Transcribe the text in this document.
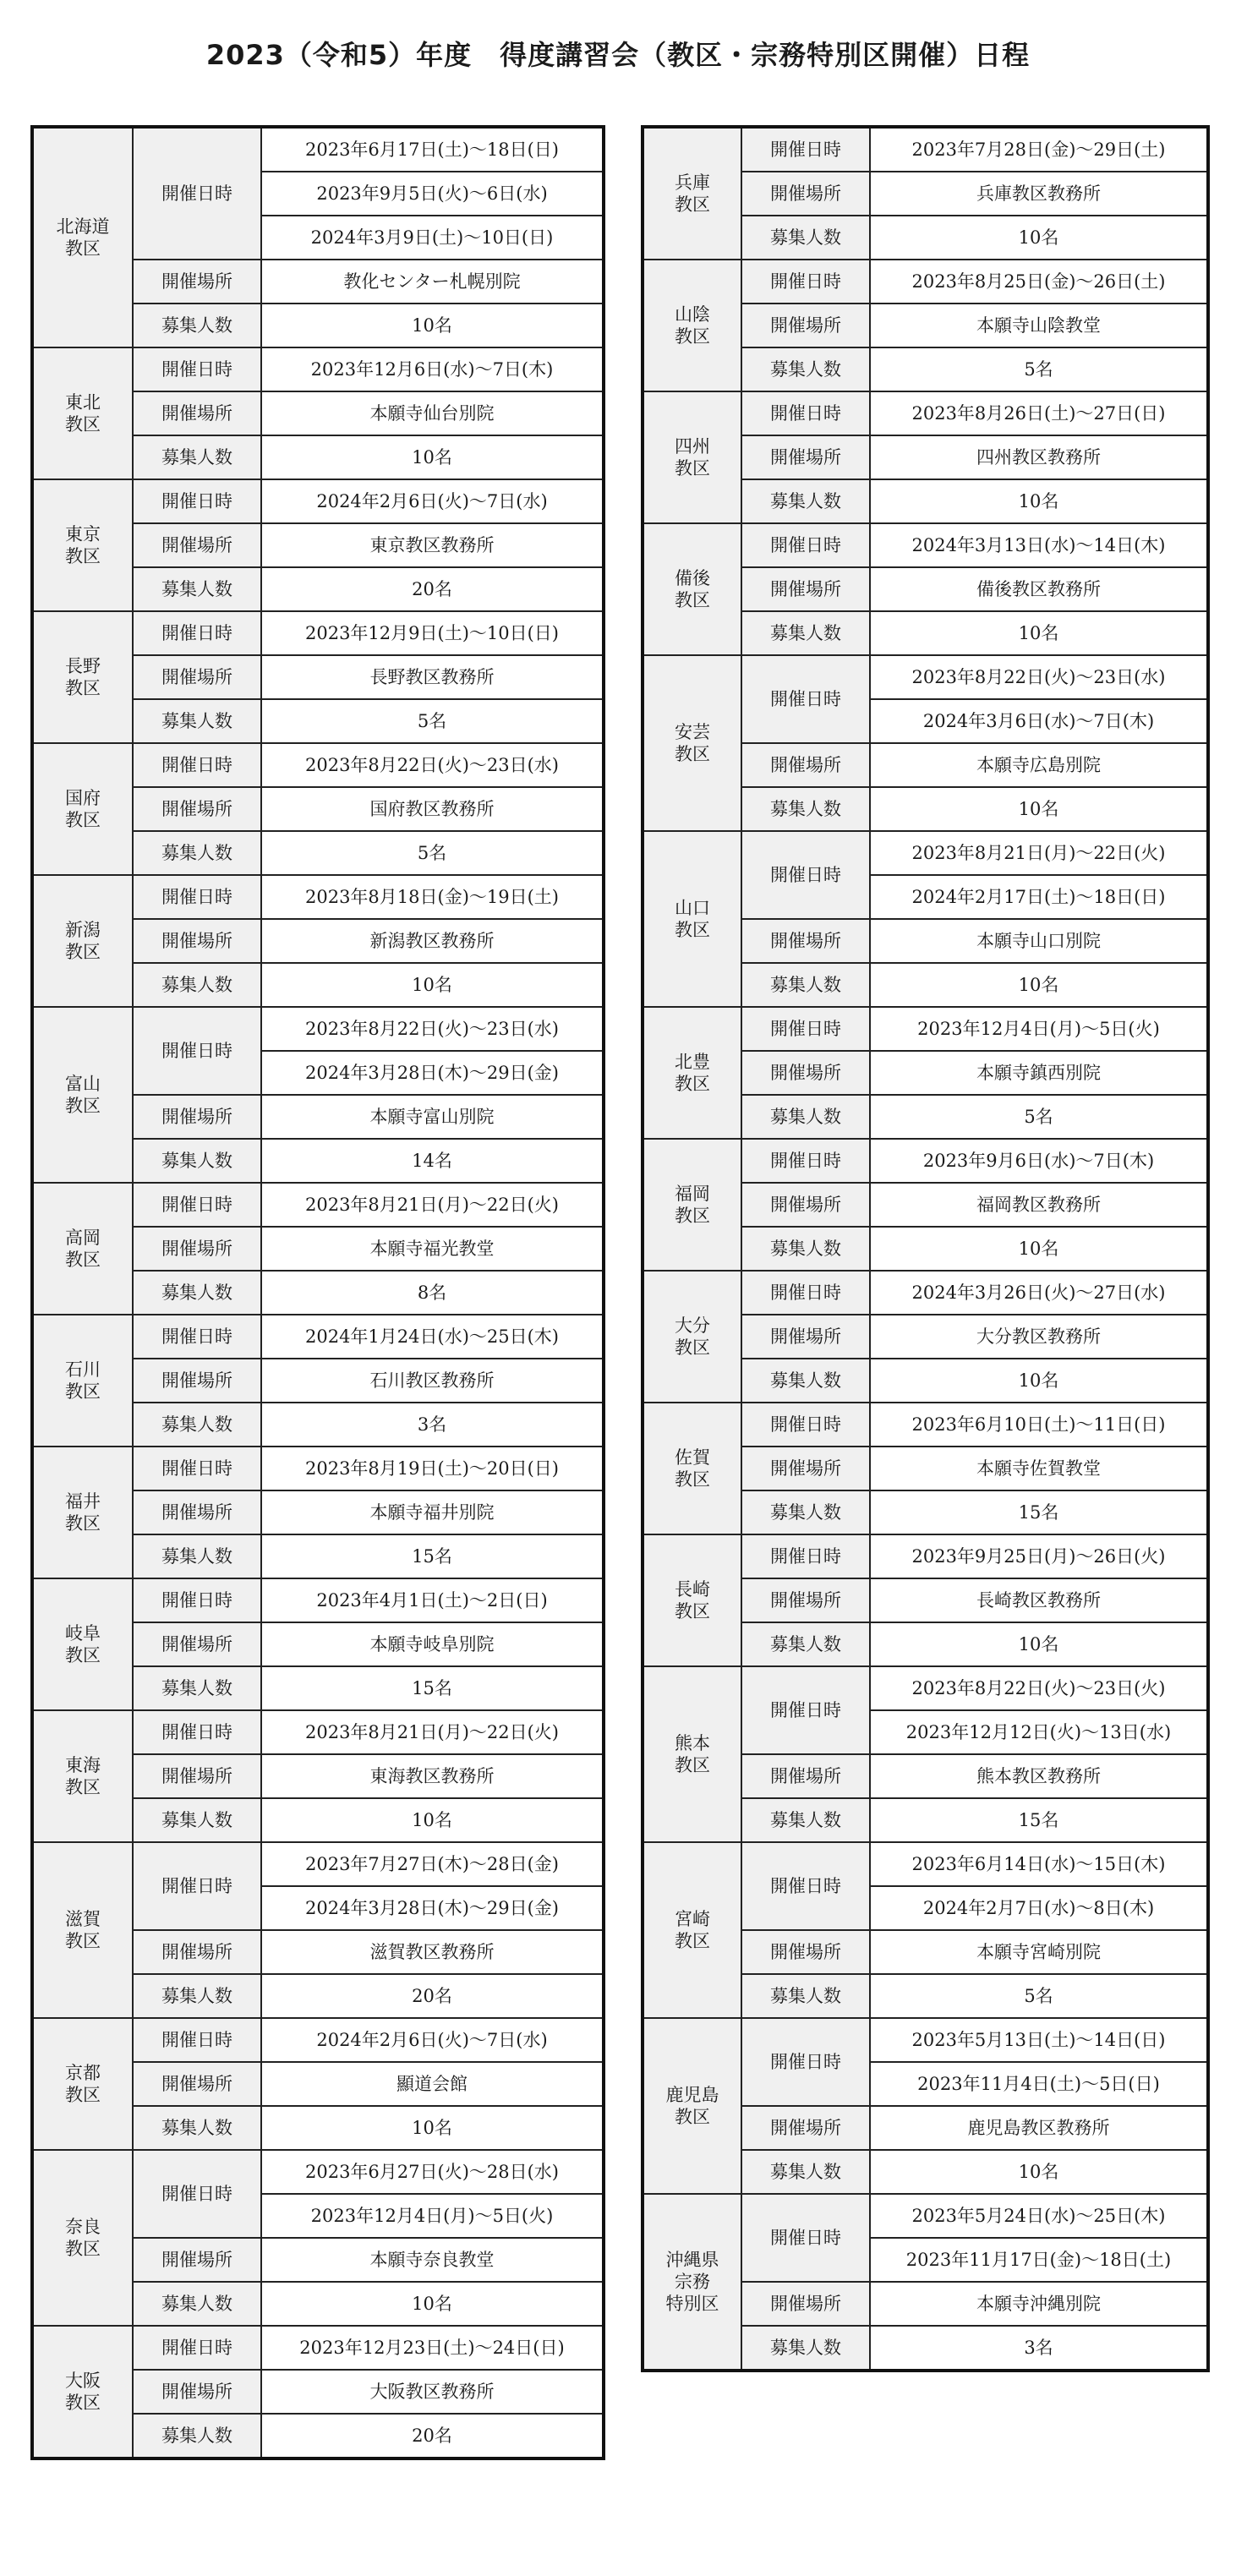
2023（令和5）年度　得度講習会（教区・宗務特別区開催）日程
北海道
教区	開催日時	2023年6月17日(土)～18日(日)
		2023年9月5日(火)～6日(水)
		2024年3月9日(土)～10日(日)
	開催場所	教化センター札幌別院
	募集人数	10名
東北
教区	開催日時	2023年12月6日(水)～7日(木)
	開催場所	本願寺仙台別院
	募集人数	10名
東京
教区	開催日時	2024年2月6日(火)～7日(水)
	開催場所	東京教区教務所
	募集人数	20名
長野
教区	開催日時	2023年12月9日(土)～10日(日)
	開催場所	長野教区教務所
	募集人数	5名
国府
教区	開催日時	2023年8月22日(火)～23日(水)
	開催場所	国府教区教務所
	募集人数	5名
新潟
教区	開催日時	2023年8月18日(金)～19日(土)
	開催場所	新潟教区教務所
	募集人数	10名
富山
教区	開催日時	2023年8月22日(火)～23日(水)
		2024年3月28日(木)～29日(金)
	開催場所	本願寺富山別院
	募集人数	14名
高岡
教区	開催日時	2023年8月21日(月)～22日(火)
	開催場所	本願寺福光教堂
	募集人数	8名
石川
教区	開催日時	2024年1月24日(水)～25日(木)
	開催場所	石川教区教務所
	募集人数	3名
福井
教区	開催日時	2023年8月19日(土)～20日(日)
	開催場所	本願寺福井別院
	募集人数	15名
岐阜
教区	開催日時	2023年4月1日(土)～2日(日)
	開催場所	本願寺岐阜別院
	募集人数	15名
東海
教区	開催日時	2023年8月21日(月)～22日(火)
	開催場所	東海教区教務所
	募集人数	10名
滋賀
教区	開催日時	2023年7月27日(木)～28日(金)
		2024年3月28日(木)～29日(金)
	開催場所	滋賀教区教務所
	募集人数	20名
京都
教区	開催日時	2024年2月6日(火)～7日(水)
	開催場所	顯道会館
	募集人数	10名
奈良
教区	開催日時	2023年6月27日(火)～28日(水)
		2023年12月4日(月)～5日(火)
	開催場所	本願寺奈良教堂
	募集人数	10名
大阪
教区	開催日時	2023年12月23日(土)～24日(日)
	開催場所	大阪教区教務所
	募集人数	20名
兵庫
教区	開催日時	2023年7月28日(金)～29日(土)
	開催場所	兵庫教区教務所
	募集人数	10名
山陰
教区	開催日時	2023年8月25日(金)～26日(土)
	開催場所	本願寺山陰教堂
	募集人数	5名
四州
教区	開催日時	2023年8月26日(土)～27日(日)
	開催場所	四州教区教務所
	募集人数	10名
備後
教区	開催日時	2024年3月13日(水)～14日(木)
	開催場所	備後教区教務所
	募集人数	10名
安芸
教区	開催日時	2023年8月22日(火)～23日(水)
		2024年3月6日(水)～7日(木)
	開催場所	本願寺広島別院
	募集人数	10名
山口
教区	開催日時	2023年8月21日(月)～22日(火)
		2024年2月17日(土)～18日(日)
	開催場所	本願寺山口別院
	募集人数	10名
北豊
教区	開催日時	2023年12月4日(月)～5日(火)
	開催場所	本願寺鎮西別院
	募集人数	5名
福岡
教区	開催日時	2023年9月6日(水)～7日(木)
	開催場所	福岡教区教務所
	募集人数	10名
大分
教区	開催日時	2024年3月26日(火)～27日(水)
	開催場所	大分教区教務所
	募集人数	10名
佐賀
教区	開催日時	2023年6月10日(土)～11日(日)
	開催場所	本願寺佐賀教堂
	募集人数	15名
長崎
教区	開催日時	2023年9月25日(月)～26日(火)
	開催場所	長崎教区教務所
	募集人数	10名
熊本
教区	開催日時	2023年8月22日(火)～23日(火)
		2023年12月12日(火)～13日(水)
	開催場所	熊本教区教務所
	募集人数	15名
宮崎
教区	開催日時	2023年6月14日(水)～15日(木)
		2024年2月7日(水)～8日(木)
	開催場所	本願寺宮崎別院
	募集人数	5名
鹿児島
教区	開催日時	2023年5月13日(土)～14日(日)
		2023年11月4日(土)～5日(日)
	開催場所	鹿児島教区教務所
	募集人数	10名
沖縄県
宗務
特別区	開催日時	2023年5月24日(水)～25日(木)
		2023年11月17日(金)～18日(土)
	開催場所	本願寺沖縄別院
	募集人数	3名
